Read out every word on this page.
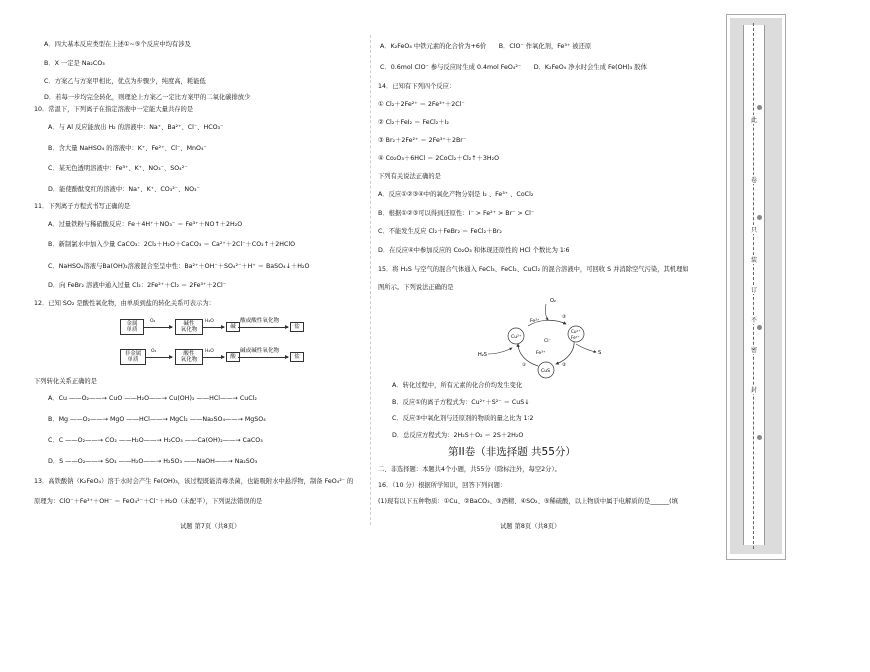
A．四大基本反应类型在上述①~⑤个反应中均有涉及
B．X 一定是 Na₂CO₃
C．方案乙与方案甲相比，优点为步骤少，纯度高，耗能低
D．若每一步均完全转化，则理论上方案乙一定比方案甲的二氧化碳排放少
10．常温下，下列离子在指定溶液中一定能大量共存的是
A．与 Al 反应能放出 H₂ 的溶液中：Na⁺、Ba²⁺、Cl⁻、HCO₃⁻
B．含大量 NaHSO₄ 的溶液中：K⁺、Fe²⁺、Cl⁻、MnO₄⁻
C．某无色透明溶液中：Fe³⁺、K⁺、NO₃⁻、SO₄²⁻
D．能使酚酞变红的溶液中：Na⁺、K⁺、CO₃²⁻、NO₃⁻
11．下列离子方程式书写正确的是
A．过量铁粉与稀硝酸反应：Fe＋4H⁺＋NO₃⁻ ＝ Fe³⁺＋NO↑＋2H₂O
B．新制氯水中加入少量 CaCO₃：2Cl₂＋H₂O＋CaCO₃ ＝ Ca²⁺＋2Cl⁻＋CO₂↑＋2HClO
C．NaHSO₄溶液与Ba(OH)₂溶液混合至呈中性：Ba²⁺＋OH⁻＋SO₄²⁻＋H⁺ ＝ BaSO₄↓＋H₂O
D．向 FeBr₂ 溶液中通入过量 Cl₂：2Fe²⁺＋Cl₂ ＝ 2Fe³⁺＋2Cl⁻
12．已知 SO₂ 是酸性氧化物，由单质到盐的转化关系可表示为：
金属
单质
O₂	碱性
氧化物
H₂O
碱
酸或酸性氧化物
盐
非金属
单质
O₂	酸性
氧化物
H₂O
酸
碱或碱性氧化物
盐
下列转化关系正确的是
A．Cu ——O₂——→ CuO ——H₂O——→ Cu(OH)₂ ——HCl——→ CuCl₂
B．Mg ——O₂——→ MgO ——HCl——→ MgCl₂ ——Na₂SO₄——→ MgSO₄
C．C ——O₂——→ CO₂ ——H₂O——→ H₂CO₃ ——Ca(OH)₂——→ CaCO₃
D．S ——O₂——→ SO₃ ——H₂O——→ H₂SO₃ ——NaOH——→ Na₂SO₃
13．高铁酸钠（K₂FeO₄）溶于水时会产生 Fe(OH)₃，该过程既能消毒杀菌，也能吸附水中悬浮物，制备 FeO₄²⁻ 的
原理为：ClO⁻＋Fe³⁺＋OH⁻ ＝ FeO₄²⁻＋Cl⁻＋H₂O（未配平），下列说法错误的是
试题 第7页（共8页）
A．K₂FeO₄ 中铁元素的化合价为+6价　　B．ClO⁻ 作氧化剂，Fe³⁺ 被还原
C．0.6mol ClO⁻ 参与反应时生成 0.4mol FeO₄²⁻　　D．K₂FeO₄ 净水时会生成 Fe(OH)₃ 胶体
14．已知有下列四个反应：
① Cl₂＋2Fe²⁺ ＝ 2Fe³⁺＋2Cl⁻
② Cl₂＋FeI₂ ＝ FeCl₂＋I₂
③ Br₂＋2Fe²⁺ ＝ 2Fe³⁺＋2Br⁻
④ Co₂O₃＋6HCl ＝ 2CoCl₂＋Cl₂↑＋3H₂O
下列有关说法正确的是
A．反应①②③④中的氧化产物分别是 I₂ 、Fe³⁺ 、CoCl₂
B．根据①②③可以得到还原性：I⁻ > Fe²⁺ > Br⁻ > Cl⁻
C．不能发生反应 Cl₂＋FeBr₂ ＝ FeCl₂＋Br₂
D．在反应④中参加反应的 Co₂O₃ 和体现还原性的 HCl 个数比为 1∶6
15．将 H₂S 与空气的混合气体通入 FeCl₃、FeCl₂、CuCl₂ 的混合溶液中，可回收 S 并消除空气污染，其机理如
图所示。下列说法正确的是
O₂
Fe²⁺
Cu²⁺
Cl⁻
Fe³⁺
Cu²⁺
Fe²⁺
H₂S	S
CuS
①	②
③
A．转化过程中，所有元素的化合价均发生变化
B．反应①的离子方程式为：Cu²⁺＋S²⁻ ＝ CuS↓
C．反应③中氧化剂与还原剂的物质的量之比为 1∶2
D．总反应方程式为：2H₂S＋O₂ ＝ 2S＋2H₂O
第II卷（非选择题 共55分）
二、非选择题：本题共4个小题，共55分（除标注外，每空2分）。
16．（10 分）根据所学知识，回答下列问题：
(1)现有以下五种物质：①Cu、②BaCO₃、③酒精、④SO₂、⑤稀硫酸，以上物质中属于电解质的是______(填
试题 第8页（共8页）
此
卷
只
装
订
不
密
封
